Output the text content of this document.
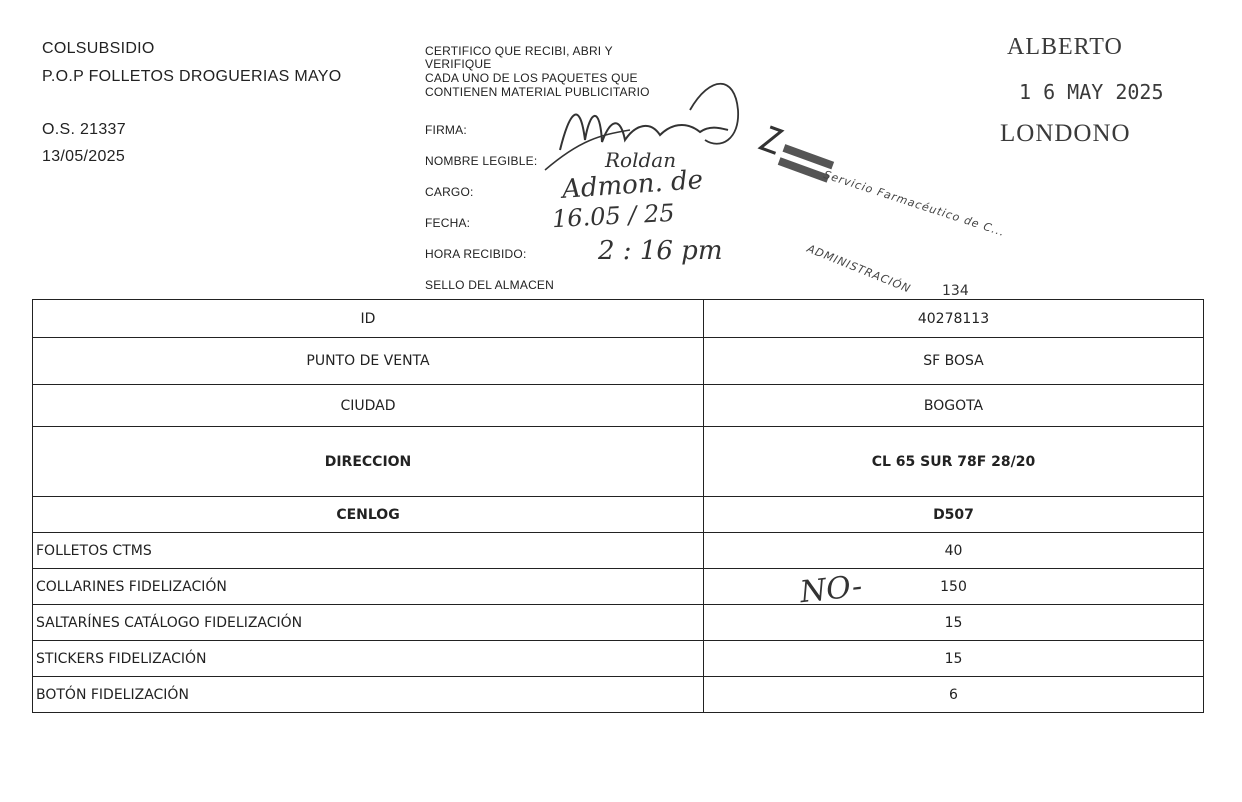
COLSUBSIDIO
P.O.P FOLLETOS DROGUERIAS MAYO
O.S. 21337
13/05/2025
CERTIFICO QUE RECIBI, ABRI Y
VERIFIQUE
CADA UNO DE LOS PAQUETES QUE
CONTIENEN MATERIAL PUBLICITARIO
FIRMA:
NOMBRE LEGIBLE:
CARGO:
FECHA:
HORA RECIBIDO:
SELLO DEL ALMACEN
Roldan
Admon. de
16.05 / 25
2 : 16 pm
NO-
ALBERTO
1 6 MAY 2025
LONDONO
Servicio Farmacéutico de C...
ADMINISTRACIÓN 134
ID	40278113
PUNTO DE VENTA	SF BOSA
CIUDAD	BOGOTA
DIRECCION	CL 65 SUR 78F 28/20
CENLOG	D507
FOLLETOS CTMS	40
COLLARINES FIDELIZACIÓN	150
SALTARÍNES CATÁLOGO FIDELIZACIÓN	15
STICKERS FIDELIZACIÓN	15
BOTÓN FIDELIZACIÓN	6
